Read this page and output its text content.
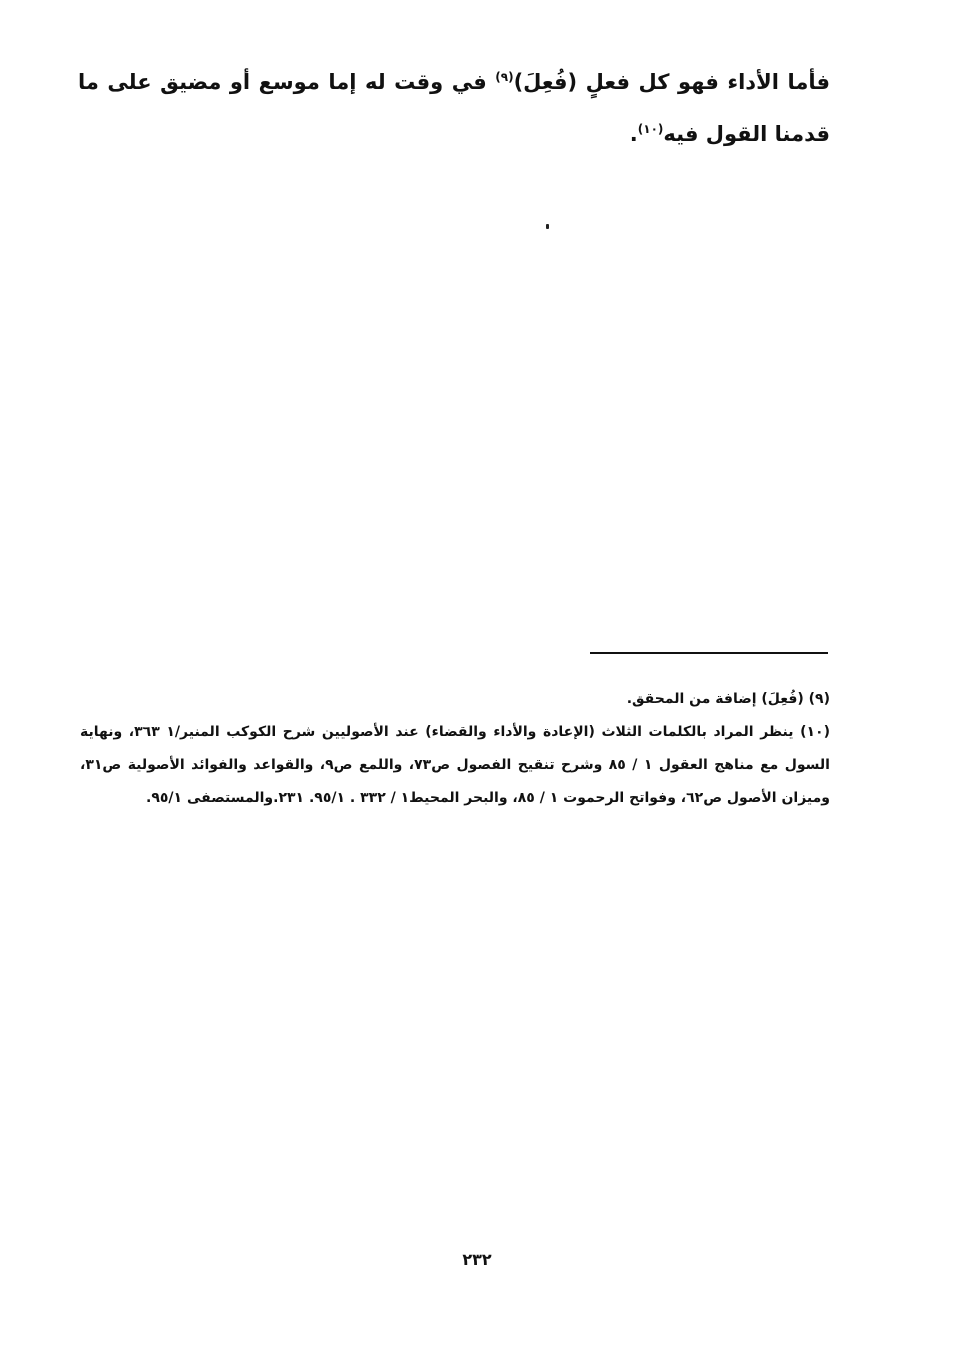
فأما الأداء فهو كل فعلٍ (فُعِلَ)$^{(٩)}$ في وقت له إما موسع أو مضيق على ما قدمنا القول فيه$^{(١٠)}$.

(٩) (فُعِلَ) إضافة من المحقق.

(١٠) ينظر المراد بالكلمات الثلاث (الإعادة والأداء والقضاء) عند الأصوليين شرح الكوكب المنير/١ ٣٦٣، ونهاية السول مع مناهج العقول ١ / ٨٥ وشرح تنقيح الفصول ص٧٣، واللمع ص٩، والقواعد والفوائد الأصولية ص٣١، وميزان الأصول ص٦٢، وفواتح الرحموت ١ / ٨٥، والبحر المحيط١ / ٣٣٢ . ٩٥/١. ٢٣١.والمستصفى ٩٥/١.

٢٣٢
